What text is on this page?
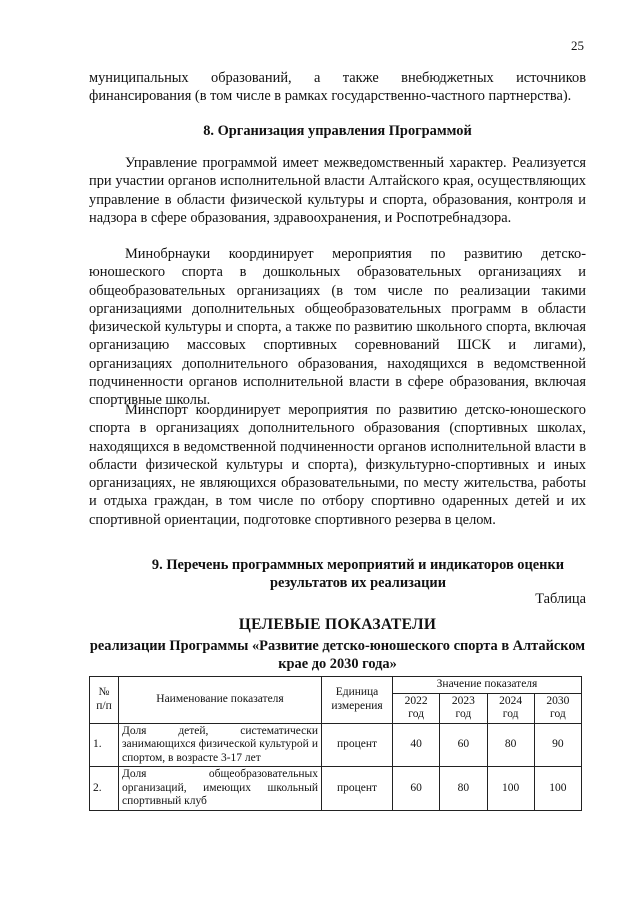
25

муниципальных образований, а также внебюджетных источников финансирования (в том числе в рамках государственно-частного партнерства).

8. Организация управления Программой

Управление программой имеет межведомственный характер. Реализуется при участии органов исполнительной власти Алтайского края, осуществляющих управление в области физической культуры и спорта, образования, контроля и надзора в сфере образования, здравоохранения, и Роспотребнадзора.

Минобрнауки координирует мероприятия по развитию детско-юношеского спорта в дошкольных образовательных организациях и общеобразовательных организациях (в том числе по реализации такими организациями дополнительных общеобразовательных программ в области физической культуры и спорта, а также по развитию школьного спорта, включая организацию массовых спортивных соревнований ШСК и лигами), организациях дополнительного образования, находящихся в ведомственной подчиненности органов исполнительной власти в сфере образования, включая спортивные школы.

Минспорт координирует мероприятия по развитию детско-юношеского спорта в организациях дополнительного образования (спортивных школах, находящихся в ведомственной подчиненности органов исполнительной власти в области физической культуры и спорта), физкультурно-спортивных и иных организациях, не являющихся образовательными, по месту жительства, работы и отдыха граждан, в том числе по отбору спортивно одаренных детей и их спортивной ориентации, подготовке спортивного резерва в целом.

9. Перечень программных мероприятий и индикаторов оценки результатов их реализации
Таблица
ЦЕЛЕВЫЕ ПОКАЗАТЕЛИ
реализации Программы «Развитие детско-юношеского спорта в Алтайском крае до 2030 года»
№ п/п	Наименование показателя	Единица измерения	Значение показателя			
			2022 год	2023 год	2024 год	2030 год
1.	Доля детей, систематически занимающихся физической культурой и спортом, в возрасте 3-17 лет	процент	40	60	80	90
2.	Доля общеобразовательных организаций, имеющих школьный спортивный клуб	процент	60	80	100	100
